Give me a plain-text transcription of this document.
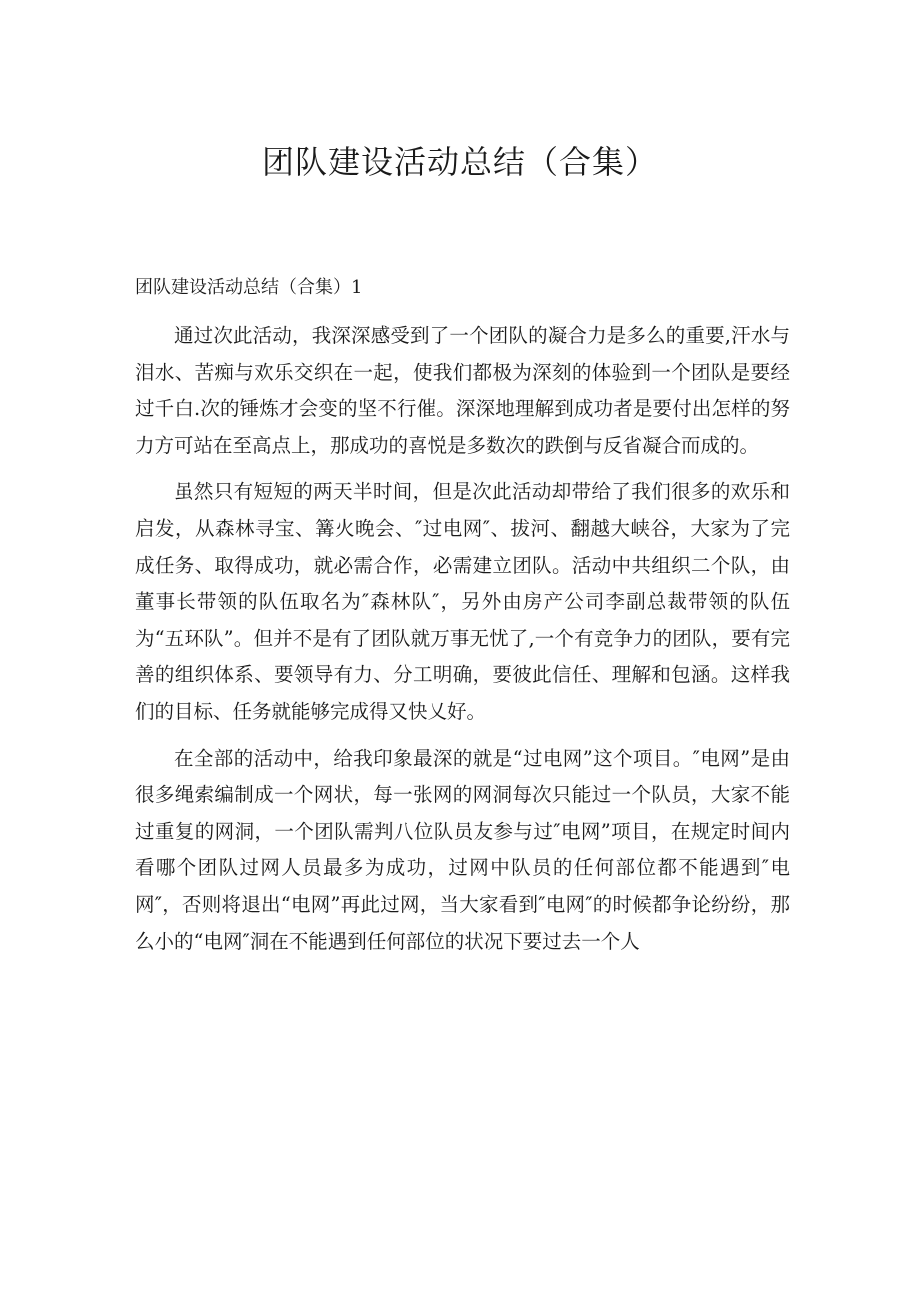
团队建设活动总结（合集）
团队建设活动总结（合集）1

通过次此活动，我深深感受到了一个团队的凝合力是多么的重要,汗水与泪水、苦痴与欢乐交织在一起，使我们都极为深刻的体验到一个团队是要经过千白.次的锤炼才会变的坚不行催。深深地理解到成功者是要付出怎样的努力方可站在至高点上，那成功的喜悦是多数次的跌倒与反省凝合而成的。

虽然只有短短的两天半时间，但是次此活动却带给了我们很多的欢乐和启发，从森林寻宝、篝火晚会、″过电网″、拔河、翻越大峡谷，大家为了完成任务、取得成功，就必需合作，必需建立团队。活动中共组织二个队，由董事长带领的队伍取名为″森林队″，另外由房产公司李副总裁带领的队伍为“五环队”。但并不是有了团队就万事无忧了,一个有竞争力的团队，要有完善的组织体系、要领导有力、分工明确，要彼此信任、理解和包涵。这样我们的目标、任务就能够完成得又快乂好。

在全部的活动中，给我印象最深的就是“过电网”这个项目。″电网”是由很多绳索编制成一个网状，每一张网的网洞每次只能过一个队员，大家不能过重复的网洞，一个团队需判八位队员友参与过″电网”项目，在规定时间内看哪个团队过网人员最多为成功，过网中队员的任何部位都不能遇到″电网″，否则将退出“电网”再此过网，当大家看到″电网″的时候都争论纷纷，那么小的“电网″洞在不能遇到任何部位的状况下要过去一个人
